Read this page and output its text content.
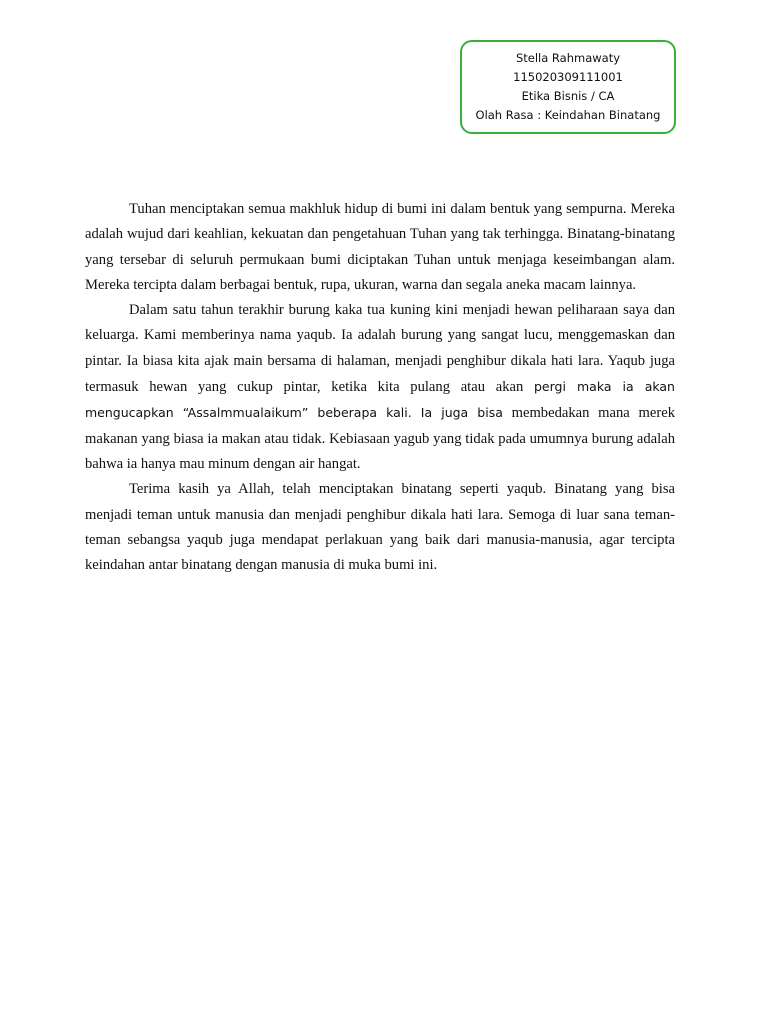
Stella Rahmawaty
115020309111001
Etika Bisnis / CA
Olah Rasa : Keindahan Binatang

Tuhan menciptakan semua makhluk hidup di bumi ini dalam bentuk yang sempurna. Mereka adalah wujud dari keahlian, kekuatan dan pengetahuan Tuhan yang tak terhingga. Binatang-binatang yang tersebar di seluruh permukaan bumi diciptakan Tuhan untuk menjaga keseimbangan alam. Mereka tercipta dalam berbagai bentuk, rupa, ukuran, warna dan segala aneka macam lainnya.

Dalam satu tahun terakhir burung kaka tua kuning kini menjadi hewan peliharaan saya dan keluarga. Kami memberinya nama yaqub. Ia adalah burung yang sangat lucu, menggemaskan dan pintar. Ia biasa kita ajak main bersama di halaman, menjadi penghibur dikala hati lara. Yaqub juga termasuk hewan yang cukup pintar, ketika kita pulang atau akan pergi maka ia akan mengucapkan “Assalmmualaikum” beberapa kali. Ia juga bisa membedakan mana merek makanan yang biasa ia makan atau tidak. Kebiasaan yagub yang tidak pada umumnya burung adalah bahwa ia hanya mau minum dengan air hangat.

Terima kasih ya Allah, telah menciptakan binatang seperti yaqub. Binatang yang bisa menjadi teman untuk manusia dan menjadi penghibur dikala hati lara. Semoga di luar sana teman-teman sebangsa yaqub juga mendapat perlakuan yang baik dari manusia-manusia, agar tercipta keindahan antar binatang dengan manusia di muka bumi ini.
